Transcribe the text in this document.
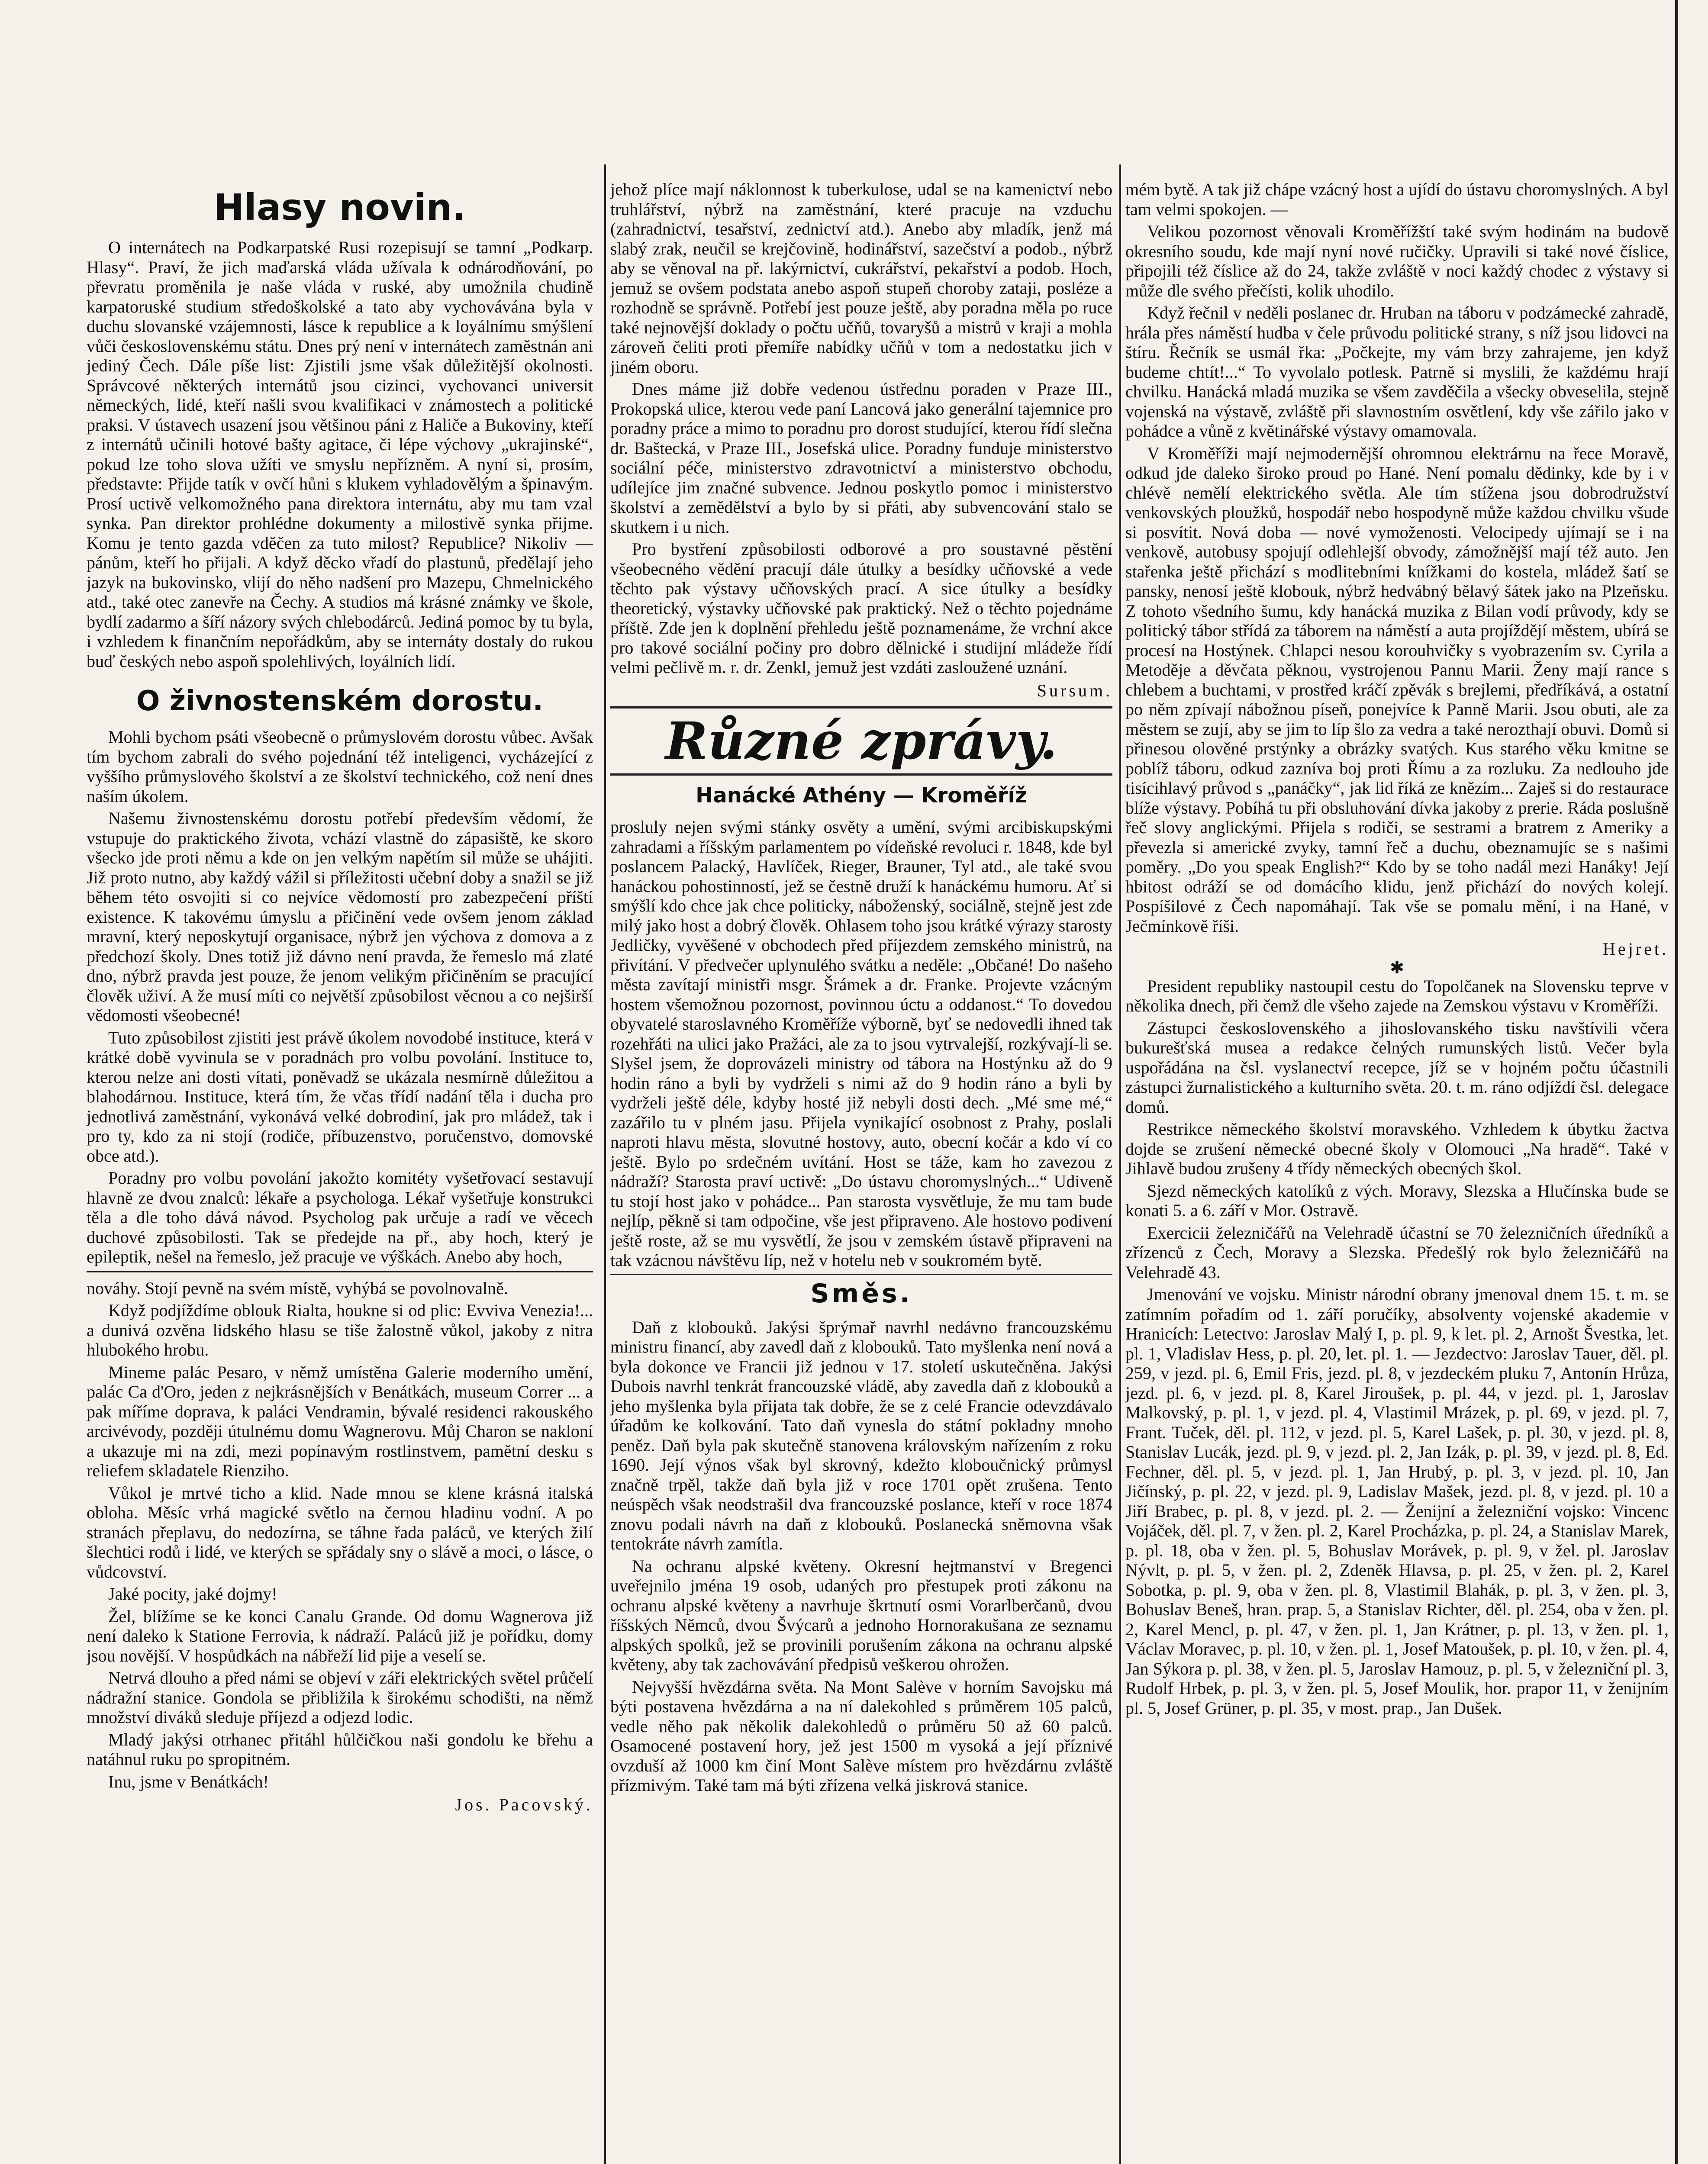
Hlasy novin.

O internátech na Podkarpatské Rusi rozepisují se tamní „Podkarp. Hlasy“. Praví, že jich maďarská vláda užívala k odnárodňování, po převratu proměnila je naše vláda v ruské, aby umožnila chudině karpatoruské studium středoškolské a tato aby vychovávána byla v duchu slovanské vzájemnosti, lásce k republice a k loyálnímu smýšlení vůči československému státu. Dnes prý není v internátech zaměstnán ani jediný Čech. Dále píše list: Zjistili jsme však důležitější okolnosti. Správcové některých internátů jsou cizinci, vychovanci universit německých, lidé, kteří našli svou kvalifikaci v známostech a politické praksi. V ústavech usazení jsou většinou páni z Haliče a Bukoviny, kteří z internátů učinili hotové bašty agitace, či lépe výchovy „ukrajinské“, pokud lze toho slova užíti ve smyslu nepřízněm. A nyní si, prosím, představte: Přijde tatík v ovčí hůni s klukem vyhladovělým a špinavým. Prosí uctivě velkomožného pana direktora internátu, aby mu tam vzal synka. Pan direktor prohlédne dokumenty a milostivě synka přijme. Komu je tento gazda vděčen za tuto milost? Republice? Nikoliv — pánům, kteří ho přijali. A když děcko vřadí do plastunů, předělají jeho jazyk na bukovinsko, vlijí do něho nadšení pro Mazepu, Chmelnického atd., také otec zanevře na Čechy. A studios má krásné známky ve škole, bydlí zadarmo a šíří názory svých chlebodárců. Jediná pomoc by tu byla, i vzhledem k finančním nepořádkům, aby se internáty dostaly do rukou buď českých nebo aspoň spolehlivých, loyálních lidí.

O živnostenském dorostu.

Mohli bychom psáti všeobecně o průmyslovém dorostu vůbec. Avšak tím bychom zabrali do svého pojednání též inteligenci, vycházející z vyššího průmyslového školství a ze školství technického, což není dnes naším úkolem.

Našemu živnostenskému dorostu potřebí především vědomí, že vstupuje do praktického života, vchází vlastně do zápasiště, ke skoro všecko jde proti němu a kde on jen velkým napětím sil může se uhájiti. Již proto nutno, aby každý vážil si příležitosti učební doby a snažil se již během této osvojiti si co nejvíce vědomostí pro zabezpečení příští existence. K takovému úmyslu a přičinění vede ovšem jenom základ mravní, který neposkytují organisace, nýbrž jen výchova z domova a z předchozí školy. Dnes totiž již dávno není pravda, že řemeslo má zlaté dno, nýbrž pravda jest pouze, že jenom velikým přičiněním se pracující člověk uživí. A že musí míti co největší způsobilost věcnou a co nejširší vědomosti všeobecné!

Tuto způsobilost zjistiti jest právě úkolem novodobé instituce, která v krátké době vyvinula se v poradnách pro volbu povolání. Instituce to, kterou nelze ani dosti vítati, poněvadž se ukázala nesmírně důležitou a blahodárnou. Instituce, která tím, že včas třídí nadání těla i ducha pro jednotlivá zaměstnání, vykonává velké dobrodiní, jak pro mládež, tak i pro ty, kdo za ni stojí (rodiče, příbuzenstvo, poručenstvo, domovské obce atd.).

Poradny pro volbu povolání jakožto komitéty vyšetřovací sestavují hlavně ze dvou znalců: lékaře a psychologa. Lékař vyšetřuje konstrukci těla a dle toho dává návod. Psycholog pak určuje a radí ve věcech duchové způsobilosti. Tak se předejde na př., aby hoch, který je epileptik, nešel na řemeslo, jež pracuje ve výškách. Anebo aby hoch,

nováhy. Stojí pevně na svém místě, vyhýbá se povolnovalně.

Když podjíždíme oblouk Rialta, houkne si od plic: Evviva Venezia!... a dunivá ozvěna lidského hlasu se tiše žalostně vůkol, jakoby z nitra hlubokého hrobu.

Mineme palác Pesaro, v němž umístěna Galerie moderního umění, palác Ca d'Oro, jeden z nejkrásnějších v Benátkách, museum Correr ... a pak míříme doprava, k paláci Vendramin, bývalé residenci rakouského arcivévody, později útulnému domu Wagnerovu. Můj Charon se nakloní a ukazuje mi na zdi, mezi popínavým rostlinstvem, pamětní desku s reliefem skladatele Rienziho.

Vůkol je mrtvé ticho a klid. Nade mnou se klene krásná italská obloha. Měsíc vrhá magické světlo na černou hladinu vodní. A po stranách přeplavu, do nedozírna, se táhne řada paláců, ve kterých žilí šlechtici rodů i lidé, ve kterých se spřádaly sny o slávě a moci, o lásce, o vůdcovství.

Jaké pocity, jaké dojmy!

Žel, blížíme se ke konci Canalu Grande. Od domu Wagnerova již není daleko k Statione Ferrovia, k nádraží. Paláců již je pořídku, domy jsou novější. V hospůdkách na nábřeží lid pije a veselí se.

Netrvá dlouho a před námi se objeví v záři elektrických světel průčelí nádražní stanice. Gondola se přibližila k širokému schodišti, na němž množství diváků sleduje příjezd a odjezd lodic.

Mladý jakýsi otrhanec přitáhl hůlčičkou naši gondolu ke břehu a natáhnul ruku po spropitném.

Inu, jsme v Benátkách!

Jos. Pacovský.

jehož plíce mají náklonnost k tuberkulose, udal se na kamenictví nebo truhlářství, nýbrž na zaměstnání, které pracuje na vzduchu (zahradnictví, tesařství, zednictví atd.). Anebo aby mladík, jenž má slabý zrak, neučil se krejčovině, hodinářství, sazečství a podob., nýbrž aby se věnoval na př. lakýrnictví, cukrářství, pekařství a podob. Hoch, jemuž se ovšem podstata anebo aspoň stupeň choroby zataji, posléze a rozhodně se správně. Potřebí jest pouze ještě, aby poradna měla po ruce také nejnovější doklady o počtu učňů, tovaryšů a mistrů v kraji a mohla zároveň čeliti proti přemíře nabídky učňů v tom a nedostatku jich v jiném oboru.

Dnes máme již dobře vedenou ústřednu poraden v Praze III., Prokopská ulice, kterou vede paní Lancová jako generální tajemnice pro poradny práce a mimo to poradnu pro dorost studující, kterou řídí slečna dr. Baštecká, v Praze III., Josefská ulice. Poradny funduje ministerstvo sociální péče, ministerstvo zdravotnictví a ministerstvo obchodu, udílejíce jim značné subvence. Jednou poskytlo pomoc i ministerstvo školství a zemědělství a bylo by si přáti, aby subvencování stalo se skutkem i u nich.

Pro bystření způsobilosti odborové a pro soustavné pěstění všeobecného vědění pracují dále útulky a besídky učňovské a vede těchto pak výstavy učňovských prací. A sice útulky a besídky theoretický, výstavky učňovské pak praktický. Než o těchto pojednáme příště. Zde jen k doplnění přehledu ještě poznamenáme, že vrchní akce pro takové sociální počiny pro dobro dělnické i studijní mládeže řídí velmi pečlivě m. r. dr. Zenkl, jemuž jest vzdáti zasloužené uznání.

Sursum.
Různé zprávy.
Hanácké Athény — Kroměříž

prosluly nejen svými stánky osvěty a umění, svými arcibiskupskými zahradami a říšským parlamentem po vídeňské revoluci r. 1848, kde byl poslancem Palacký, Havlíček, Rieger, Brauner, Tyl atd., ale také svou hanáckou pohostinností, jež se čestně druží k hanáckému humoru. Ať si smýšlí kdo chce jak chce politicky, náboženský, sociálně, stejně jest zde milý jako host a dobrý člověk. Ohlasem toho jsou krátké výrazy starosty Jedličky, vyvěšené v obchodech před příjezdem zemského ministrů, na přivítání. V předvečer uplynulého svátku a neděle: „Občané! Do našeho města zavítají ministři msgr. Šrámek a dr. Franke. Projevte vzácným hostem všemožnou pozornost, povinnou úctu a oddanost.“ To dovedou obyvatelé staroslavného Kroměříže výborně, byť se nedovedli ihned tak rozehřáti na ulici jako Pražáci, ale za to jsou vytrvalejší, rozkývají-li se. Slyšel jsem, že doprovázeli ministry od tábora na Hostýnku až do 9 hodin ráno a byli by vydrželi s nimi až do 9 hodin ráno a byli by vydrželi ještě déle, kdyby hosté již nebyli dosti dech. „Mé sme mé,“ zazářilo tu v plném jasu. Přijela vynikající osobnost z Prahy, poslali naproti hlavu města, slovutné hostovy, auto, obecní kočár a kdo ví co ještě. Bylo po srdečném uvítání. Host se táže, kam ho zavezou z nádraží? Starosta praví uctivě: „Do ústavu choromyslných...“ Udiveně tu stojí host jako v pohádce... Pan starosta vysvětluje, že mu tam bude nejlíp, pěkně si tam odpočine, vše jest připraveno. Ale hostovo podivení ještě roste, až se mu vysvětlí, že jsou v zemském ústavě připraveni na tak vzácnou návštěvu líp, než v hotelu neb v soukromém bytě.

Směs.

Daň z klobouků. Jakýsi šprýmař navrhl nedávno francouzskému ministru financí, aby zavedl daň z klobouků. Tato myšlenka není nová a byla dokonce ve Francii již jednou v 17. století uskutečněna. Jakýsi Dubois navrhl tenkrát francouzské vládě, aby zavedla daň z klobouků a jeho myšlenka byla přijata tak dobře, že se z celé Francie odevzdávalo úřadům ke kolkování. Tato daň vynesla do státní pokladny mnoho peněz. Daň byla pak skutečně stanovena královským nařízením z roku 1690. Její výnos však byl skrovný, kdežto kloboučnický průmysl značně trpěl, takže daň byla již v roce 1701 opět zrušena. Tento neúspěch však neodstrašil dva francouzské poslance, kteří v roce 1874 znovu podali návrh na daň z klobouků. Poslanecká sněmovna však tentokráte návrh zamítla.

Na ochranu alpské květeny. Okresní hejtmanství v Bregenci uveřejnilo jména 19 osob, udaných pro přestupek proti zákonu na ochranu alpské květeny a navrhuje škrtnutí osmi Vorarlberčanů, dvou říšských Němců, dvou Švýcarů a jednoho Hornorakušana ze seznamu alpských spolků, jež se provinili porušením zákona na ochranu alpské květeny, aby tak zachovávání předpisů veškerou ohrožen.

Nejvyšší hvězdárna světa. Na Mont Salève v horním Savojsku má býti postavena hvězdárna a na ní dalekohled s průměrem 105 palců, vedle něho pak několik dalekohledů o průměru 50 až 60 palců. Osamocené postavení hory, jež jest 1500 m vysoká a její příznivé ovzduší až 1000 km činí Mont Salève místem pro hvězdárnu zvláště přízmivým. Také tam má býti zřízena velká jiskrová stanice.

mém bytě. A tak již chápe vzácný host a ujídí do ústavu choromyslných. A byl tam velmi spokojen. —

Velikou pozornost věnovali Kroměřížští také svým hodinám na budově okresního soudu, kde mají nyní nové ručičky. Upravili si také nové číslice, připojili též číslice až do 24, takže zvláště v noci každý chodec z výstavy si může dle svého přečísti, kolik uhodilo.

Když řečnil v neděli poslanec dr. Hruban na táboru v podzámecké zahradě, hrála přes náměstí hudba v čele průvodu politické strany, s níž jsou lidovci na štíru. Řečník se usmál řka: „Počkejte, my vám brzy zahrajeme, jen když budeme chtít!...“ To vyvolalo potlesk. Patrně si myslili, že každému hrají chvilku. Hanácká mladá muzika se všem zavděčila a všecky obveselila, stejně vojenská na výstavě, zvláště při slavnostním osvětlení, kdy vše zářilo jako v pohádce a vůně z květinářské výstavy omamovala.

V Kroměříži mají nejmodernější ohromnou elektrárnu na řece Moravě, odkud jde daleko široko proud po Hané. Není pomalu dědinky, kde by i v chlévě nemělí elektrického světla. Ale tím stížena jsou dobrodružství venkovských ploužků, hospodář nebo hospodyně může každou chvilku všude si posvítit. Nová doba — nové vymoženosti. Velocipedy ujímají se i na venkově, autobusy spojují odlehlejší obvody, zámožnější mají též auto. Jen stařenka ještě přichází s modlitebními knížkami do kostela, mládež šatí se pansky, nenosí ještě klobouk, nýbrž hedvábný bělavý šátek jako na Plzeňsku. Z tohoto všedního šumu, kdy hanácká muzika z Bilan vodí průvody, kdy se politický tábor střídá za táborem na náměstí a auta projíždějí městem, ubírá se procesí na Hostýnek. Chlapci nesou korouhvičky s vyobrazením sv. Cyrila a Metoděje a děvčata pěknou, vystrojenou Pannu Marii. Ženy mají rance s chlebem a buchtami, v prostřed kráčí zpěvák s brejlemi, předříkává, a ostatní po něm zpívají nábožnou píseň, ponejvíce k Panně Marii. Jsou obuti, ale za městem se zují, aby se jim to líp šlo za vedra a také nerozthají obuvi. Domů si přinesou olověné prstýnky a obrázky svatých. Kus starého věku kmitne se poblíž táboru, odkud zazníva boj proti Římu a za rozluku. Za nedlouho jde tisícihlavý průvod s „panáčky“, jak lid říká ze knězím... Zaješ si do restaurace blíže výstavy. Pobíhá tu při obsluhování dívka jakoby z prerie. Ráda poslušně řeč slovy anglickými. Přijela s rodiči, se sestrami a bratrem z Ameriky a převezla si americké zvyky, tamní řeč a duchu, obeznamujíc se s našimi poměry. „Do you speak English?“ Kdo by se toho nadál mezi Hanáky! Její hbitost odráží se od domácího klidu, jenž přichází do nových kolejí. Pospíšilové z Čech napomáhají. Tak vše se pomalu mění, i na Hané, v Ječmínkově říši.

Hejret.
✱

President republiky nastoupil cestu do Topolčanek na Slovensku teprve v několika dnech, při čemž dle všeho zajede na Zemskou výstavu v Kroměříži.

Zástupci československého a jihoslovanského tisku navštívili včera bukurešťská musea a redakce čelných rumunských listů. Večer byla uspořádána na čsl. vyslanectví recepce, jíž se v hojném počtu účastnili zástupci žurnalistického a kulturního světa. 20. t. m. ráno odjíždí čsl. delegace domů.

Restrikce německého školství moravského. Vzhledem k úbytku žactva dojde se zrušení německé obecné školy v Olomouci „Na hradě“. Také v Jihlavě budou zrušeny 4 třídy německých obecných škol.

Sjezd německých katolíků z vých. Moravy, Slezska a Hlučínska bude se konati 5. a 6. září v Mor. Ostravě.

Exercicii železničářů na Velehradě účastní se 70 železničních úředníků a zřízenců z Čech, Moravy a Slezska. Předešlý rok bylo železničářů na Velehradě 43.

Jmenování ve vojsku. Ministr národní obrany jmenoval dnem 15. t. m. se zatímním pořadím od 1. září poručíky, absolventy vojenské akademie v Hranicích: Letectvo: Jaroslav Malý I, p. pl. 9, k let. pl. 2, Arnošt Švestka, let. pl. 1, Vladislav Hess, p. pl. 20, let. pl. 1. — Jezdectvo: Jaroslav Tauer, děl. pl. 259, v jezd. pl. 6, Emil Fris, jezd. pl. 8, v jezdeckém pluku 7, Antonín Hrůza, jezd. pl. 6, v jezd. pl. 8, Karel Jiroušek, p. pl. 44, v jezd. pl. 1, Jaroslav Malkovský, p. pl. 1, v jezd. pl. 4, Vlastimil Mrázek, p. pl. 69, v jezd. pl. 7, Frant. Tuček, děl. pl. 112, v jezd. pl. 5, Karel Lašek, p. pl. 30, v jezd. pl. 8, Stanislav Lucák, jezd. pl. 9, v jezd. pl. 2, Jan Izák, p. pl. 39, v jezd. pl. 8, Ed. Fechner, děl. pl. 5, v jezd. pl. 1, Jan Hrubý, p. pl. 3, v jezd. pl. 10, Jan Jičínský, p. pl. 22, v jezd. pl. 9, Ladislav Mašek, jezd. pl. 8, v jezd. pl. 10 a Jiří Brabec, p. pl. 8, v jezd. pl. 2. — Ženijní a železniční vojsko: Vincenc Vojáček, děl. pl. 7, v žen. pl. 2, Karel Procházka, p. pl. 24, a Stanislav Marek, p. pl. 18, oba v žen. pl. 5, Bohuslav Morávek, p. pl. 9, v žel. pl. Jaroslav Nývlt, p. pl. 5, v žen. pl. 2, Zdeněk Hlavsa, p. pl. 25, v žen. pl. 2, Karel Sobotka, p. pl. 9, oba v žen. pl. 8, Vlastimil Blahák, p. pl. 3, v žen. pl. 3, Bohuslav Beneš, hran. prap. 5, a Stanislav Richter, děl. pl. 254, oba v žen. pl. 2, Karel Mencl, p. pl. 47, v žen. pl. 1, Jan Krátner, p. pl. 13, v žen. pl. 1, Václav Moravec, p. pl. 10, v žen. pl. 1, Josef Matoušek, p. pl. 10, v žen. pl. 4, Jan Sýkora p. pl. 38, v žen. pl. 5, Jaroslav Hamouz, p. pl. 5, v železniční pl. 3, Rudolf Hrbek, p. pl. 3, v žen. pl. 5, Josef Moulik, hor. prapor 11, v ženijním pl. 5, Josef Grüner, p. pl. 35, v most. prap., Jan Dušek.
